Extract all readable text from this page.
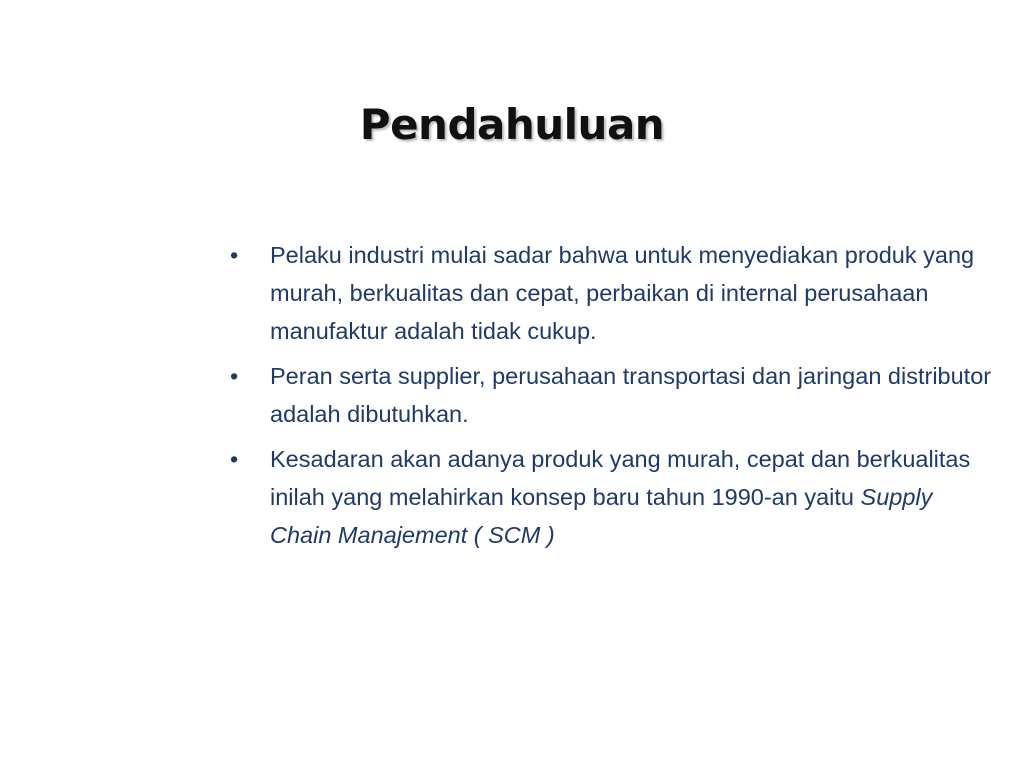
Pendahuluan
•	Pelaku industri mulai sadar bahwa untuk menyediakan produk yang murah, berkualitas dan cepat, perbaikan di internal perusahaan manufaktur adalah tidak cukup.
•	Peran serta supplier, perusahaan transportasi dan jaringan distributor adalah dibutuhkan.
•	Kesadaran akan adanya produk yang murah, cepat dan berkualitas inilah yang melahirkan konsep baru tahun 1990-an yaitu Supply Chain Manajement ( SCM )
